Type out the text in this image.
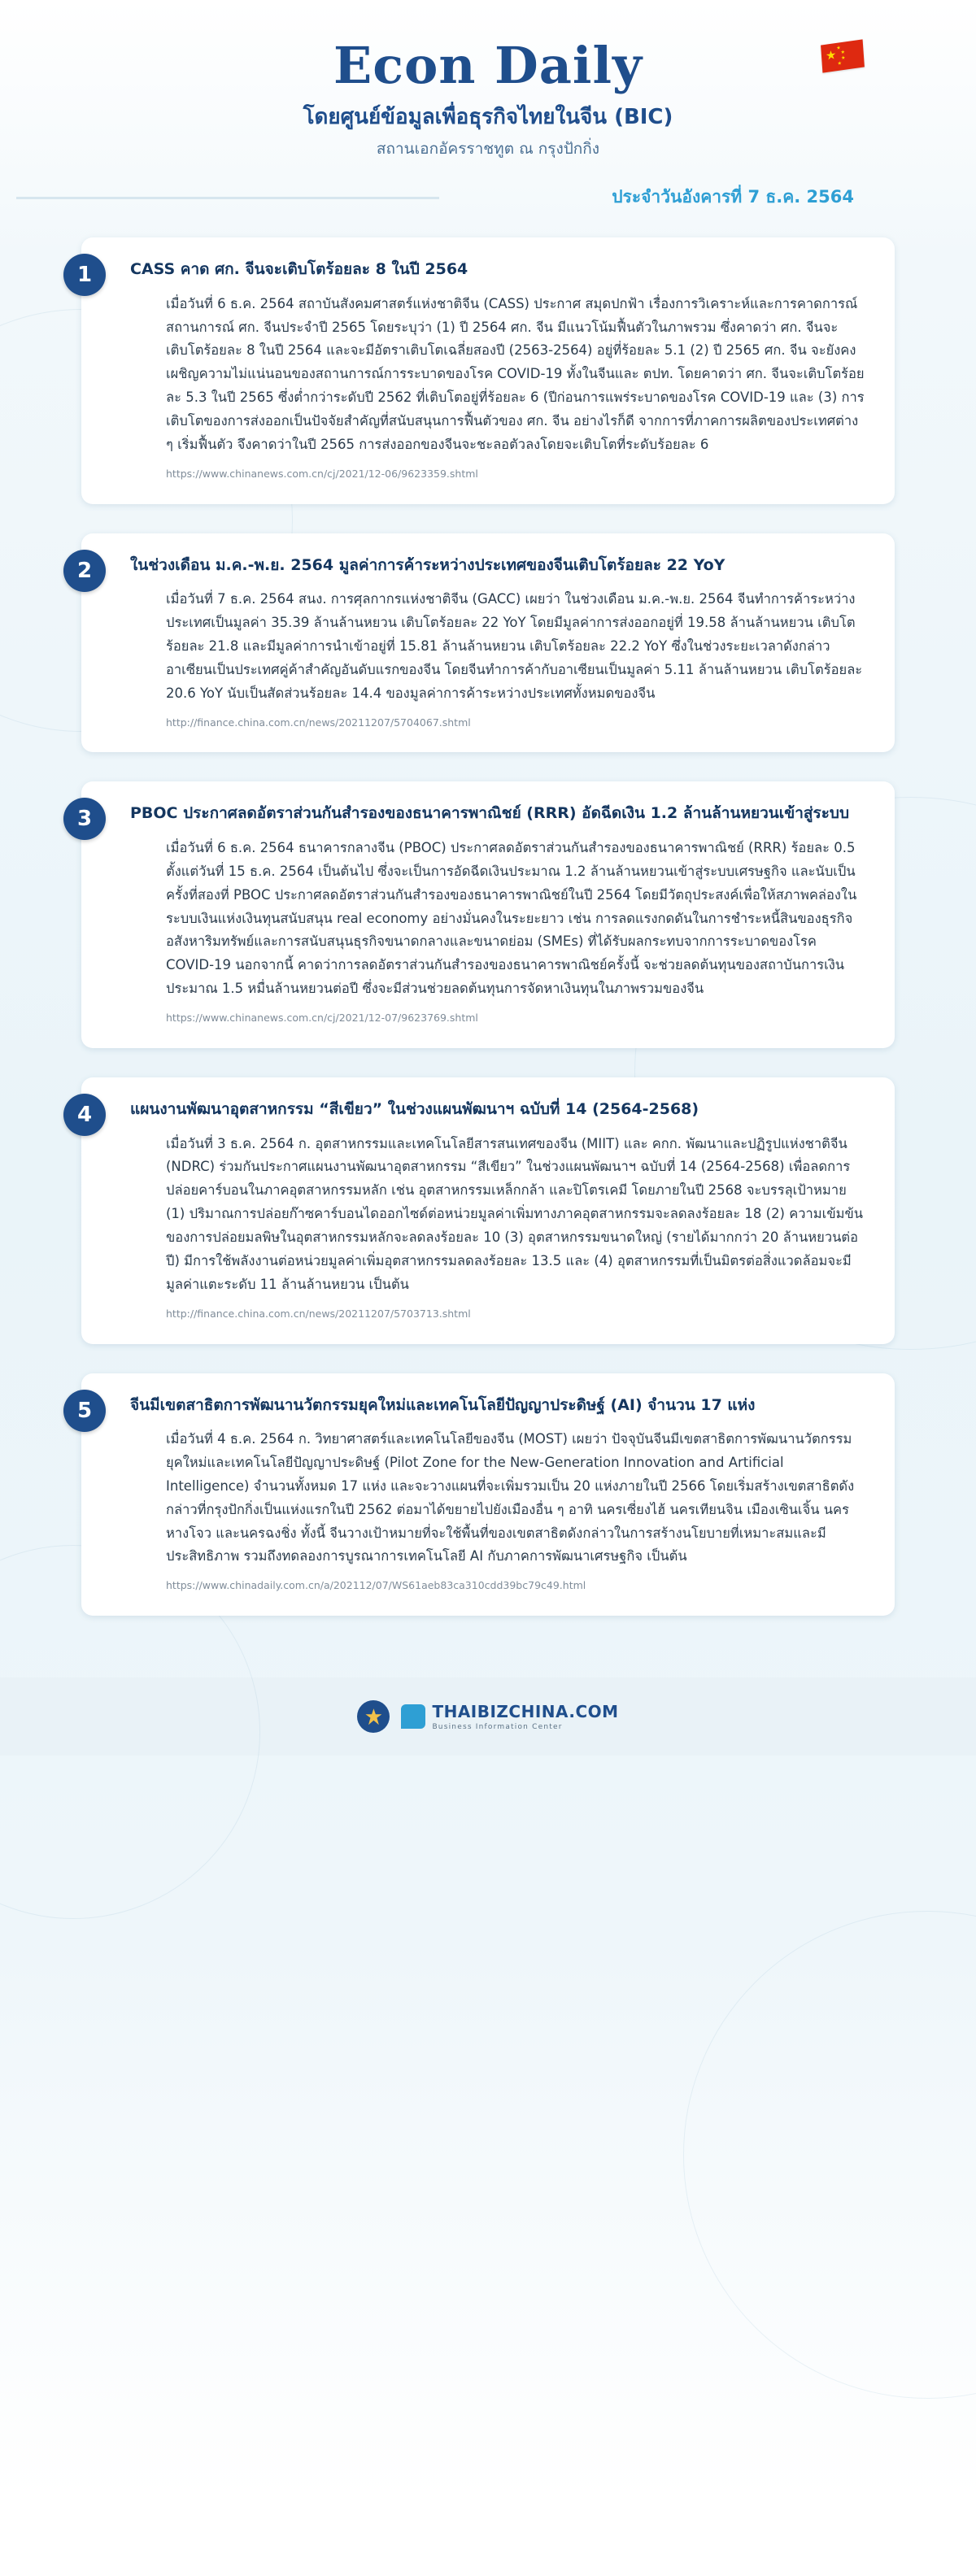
★ ★
★
★
★
Econ Daily
โดยศูนย์ข้อมูลเพื่อธุรกิจไทยในจีน (BIC)
สถานเอกอัครราชทูต ณ กรุงปักกิ่ง
ประจำวันอังคารที่ 7 ธ.ค. 2564
1	CASS คาด ศก. จีนจะเติบโตร้อยละ 8 ใน​ปี 2564

เมื่อวันที่ 6 ธ.ค. 2564 สถาบันสังคมศาสตร์แห่งชาติจีน (CASS) ประกาศ สมุดปกฟ้า เรื่องการวิเคราะห์และการคาดการณ์สถานการณ์ ศก. จีนประจำปี 2565 โดยระบุว่า (1) ปี 2564 ศก. จีน มีแนวโน้มฟื้นตัวในภาพรวม ซึ่งคาดว่า ศก. จีนจะเติบโตร้อยละ 8 ในปี 2564 และจะมีอัตราเติบโตเฉลี่ยสองปี (2563-2564) อยู่ที่ร้อยละ 5.1 (2) ปี 2565 ศก. จีน จะยังคงเผชิญความไม่แน่นอนของสถานการณ์การระบาดของโรค COVID-19 ทั้งในจีนและ ตปท. โดยคาดว่า ศก. จีนจะเติบโตร้อยละ 5.3 ใน​ปี 2565 ซึ่งต่ำกว่าระดับปี 2562 ที่เติบโตอยู่ที่ร้อยละ 6 (ปีก่อนการแพร่ระบาดของโรค COVID-19 และ (3) การเติบโตของการส่งออกเป็นปัจจัยสำคัญที่สนับสนุนการฟื้นตัวของ ศก. จีน อย่างไรก็ดี จากการที่ภาคการผลิตของประเทศต่าง ๆ เริ่มฟื้นตัว จึงคาดว่าในปี 2565 การส่งออกของจีนจะชะลอตัวลงโดยจะเติบโตที่ระดับร้อยละ 6

https://www.chinanews.com.cn/cj/2021/12-06/9623359.shtml
2	ในช่วงเดือน ม.ค.-พ.ย. 2564 มูลค่าการค้าระหว่างประเทศของจีนเติบโตร้อยละ 22 YoY

เมื่อวันที่ 7 ธ.ค. 2564 สนง. การศุลกากรแห่งชาติจีน (GACC) เผยว่า ในช่วงเดือน ม.ค.-พ.ย. 2564 จีนทำการค้าระหว่างประเทศเป็นมูลค่า 35.39 ล้านล้านหยวน เติบโตร้อยละ 22 YoY โดยมีมูลค่าการส่งออกอยู่ที่ 19.58 ล้านล้านหยวน เติบโตร้อยละ 21.8 และมีมูลค่าการนำเข้าอยู่ที่ 15.81 ล้านล้านหยวน เติบโตร้อยละ 22.2 YoY ซึ่งในช่วงระยะเวลาดังกล่าว อาเซียนเป็นประเทศคู่ค้าสำคัญอันดับแรกของจีน โดยจีนทำการค้ากับอาเซียนเป็นมูลค่า 5.11 ล้านล้านหยวน เติบโตร้อยละ 20.6 YoY นับเป็นสัดส่วนร้อยละ 14.4 ของมูลค่าการค้าระหว่างประเทศทั้งหมดของจีน

http://finance.china.com.cn/news/20211207/5704067.shtml
3	PBOC ประกาศลดอัตราส่วนกันสำรองของธนาคารพาณิชย์ (RRR) อัดฉีดเงิน 1.2 ล้านล้านหยวนเข้าสู่ระบบ

เมื่อวันที่ 6 ธ.ค. 2564 ธนาคารกลางจีน (PBOC) ประกาศลดอัตราส่วนกันสำรองของธนาคารพาณิชย์ (RRR) ร้อยละ 0.5 ตั้งแต่วันที่ 15 ธ.ค. 2564 เป็นต้นไป ซึ่งจะเป็นการอัดฉีดเงินประมาณ 1.2 ล้านล้านหยวนเข้าสู่ระบบเศรษฐกิจ และนับเป็นครั้งที่สองที่ PBOC ประกาศลดอัตราส่วนกันสำรองของธนาคารพาณิชย์ในปี 2564 โดยมีวัตถุประสงค์เพื่อให้สภาพคล่องในระบบเงินแห่งเงินทุนสนับสนุน real economy อย่างมั่นคงในระยะยาว เช่น การลดแรงกดดันในการชำระหนี้สินของธุรกิจอสังหาริมทรัพย์และการสนับสนุนธุรกิจขนาดกลางและขนาดย่อม (SMEs) ที่ได้รับผลกระทบจากการระบาดของโรค COVID-19 นอกจากนี้ คาดว่าการลดอัตราส่วนกันสำรองของธนาคารพาณิชย์ครั้งนี้ จะช่วยลดต้นทุนของสถาบันการเงินประมาณ 1.5 หมื่นล้านหยวนต่อปี ซึ่งจะมีส่วนช่วยลดต้นทุนการจัดหาเงินทุนในภาพรวมของจีน

https://www.chinanews.com.cn/cj/2021/12-07/9623769.shtml
4	แผนงานพัฒนาอุตสาหกรรม “สีเขียว” ในช่วงแผนพัฒนาฯ ฉบับที่ 14 (2564-2568)

เมื่อวันที่ 3 ธ.ค. 2564 ก. อุตสาหกรรมและเทคโนโลยีสารสนเทศของจีน (MIIT) และ คกก. พัฒนาและปฏิรูปแห่งชาติจีน (NDRC) ร่วมกันประกาศแผนงานพัฒนาอุตสาหกรรม “สีเขียว” ในช่วงแผนพัฒนาฯ ฉบับที่ 14 (2564-2568) เพื่อลดการปล่อยคาร์บอนในภาคอุตสาหกรรมหลัก เช่น อุตสาหกรรมเหล็กกล้า และปิโตรเคมี โดยภายในปี 2568 จะบรรลุเป้าหมาย (1) ปริมาณการปล่อยก๊าซคาร์บอนไดออกไซด์ต่อหน่วยมูลค่าเพิ่มทางภาคอุตสาหกรรมจะลดลงร้อยละ 18 (2) ความเข้มข้นของการปล่อยมลพิษในอุตสาหกรรมหลักจะลดลงร้อยละ 10 (3) อุตสาหกรรมขนาดใหญ่ (รายได้มากกว่า 20 ล้านหยวนต่อปี) มีการใช้พลังงานต่อหน่วยมูลค่าเพิ่มอุตสาหกรรมลดลงร้อยละ 13.5 และ (4) อุตสาหกรรมที่เป็นมิตรต่อสิ่งแวดล้อมจะมีมูลค่าแตะระดับ 11 ล้านล้านหยวน เป็นต้น

http://finance.china.com.cn/news/20211207/5703713.shtml
5	จีนมีเขตสาธิตการพัฒนานวัตกรรมยุคใหม่และเทคโนโลยีปัญญาประดิษฐ์ (AI) จำนวน 17 แห่ง

เมื่อวันที่ 4 ธ.ค. 2564 ก. วิทยาศาสตร์และเทคโนโลยีของจีน (MOST) เผยว่า ปัจจุบันจีนมีเขตสาธิตการพัฒนานวัตกรรมยุคใหม่และเทคโนโลยีปัญญาประดิษฐ์ (Pilot Zone for the New-Generation Innovation and Artificial Intelligence) จำนวนทั้งหมด 17 แห่ง และจะวางแผนที่จะเพิ่มรวมเป็น 20 แห่งภายในปี 2566 โดยเริ่มสร้างเขตสาธิตดังกล่าวที่กรุงปักกิ่งเป็นแห่งแรกในปี 2562 ต่อมาได้ขยายไปยังเมืองอื่น ๆ อาทิ นครเซี่ยงไฮ้ นครเทียนจิน เมืองเซินเจิ้น นครหางโจว และนครฉงชิ่ง ทั้งนี้ จีนวางเป้าหมายที่จะใช้พื้นที่ของเขตสาธิตดังกล่าวในการสร้างนโยบายที่เหมาะสมและมีประสิทธิภาพ รวมถึงทดลองการบูรณาการเทคโนโลยี AI กับภาคการพัฒนาเศรษฐกิจ เป็นต้น

https://www.chinadaily.com.cn/a/202112/07/WS61aeb83ca310cdd39bc79c49.html
THAIBIZCHINA.COM
Business Information Center
